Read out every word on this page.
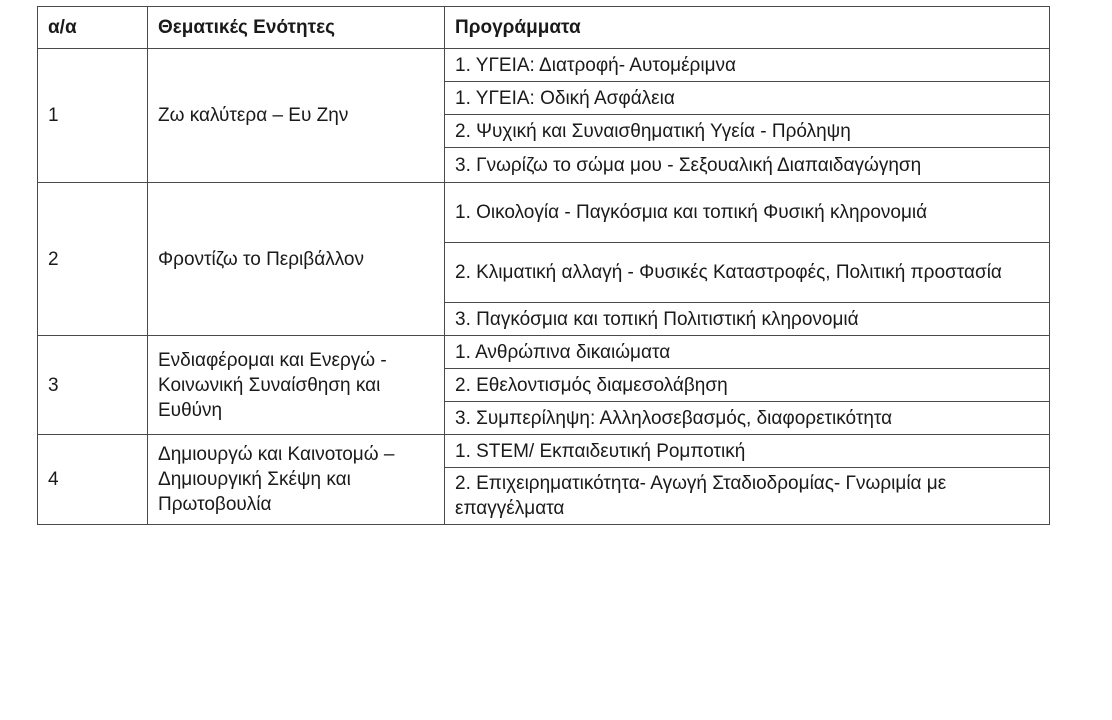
α/α	Θεματικές Ενότητες	Προγράμματα
1	Ζω καλύτερα – Ευ Ζην	1. ΥΓΕΙΑ: Διατροφή- Αυτομέριμνα
		1. ΥΓΕΙΑ: Οδική Ασφάλεια
		2. Ψυχική και Συναισθηματική Υγεία - Πρόληψη
		3. Γνωρίζω το σώμα μου - Σεξουαλική Διαπαιδαγώγηση
2	Φροντίζω το Περιβάλλον	1. Οικολογία - Παγκόσμια και τοπική Φυσική κληρονομιά
		2. Κλιματική αλλαγή - Φυσικές Καταστροφές, Πολιτική προστασία
		3. Παγκόσμια και τοπική Πολιτιστική κληρονομιά
3	Ενδιαφέρομαι και Ενεργώ - Κοινωνική Συναίσθηση και Ευθύνη	1. Ανθρώπινα δικαιώματα
		2. Εθελοντισμός διαμεσολάβηση
		3. Συμπερίληψη: Αλληλοσεβασμός, διαφορετικότητα
4	Δημιουργώ και Καινοτομώ – Δημιουργική Σκέψη και Πρωτοβουλία	1. STEM/ Εκπαιδευτική Ρομποτική
		2. Επιχειρηματικότητα- Αγωγή Σταδιοδρομίας- Γνωριμία με επαγγέλματα
